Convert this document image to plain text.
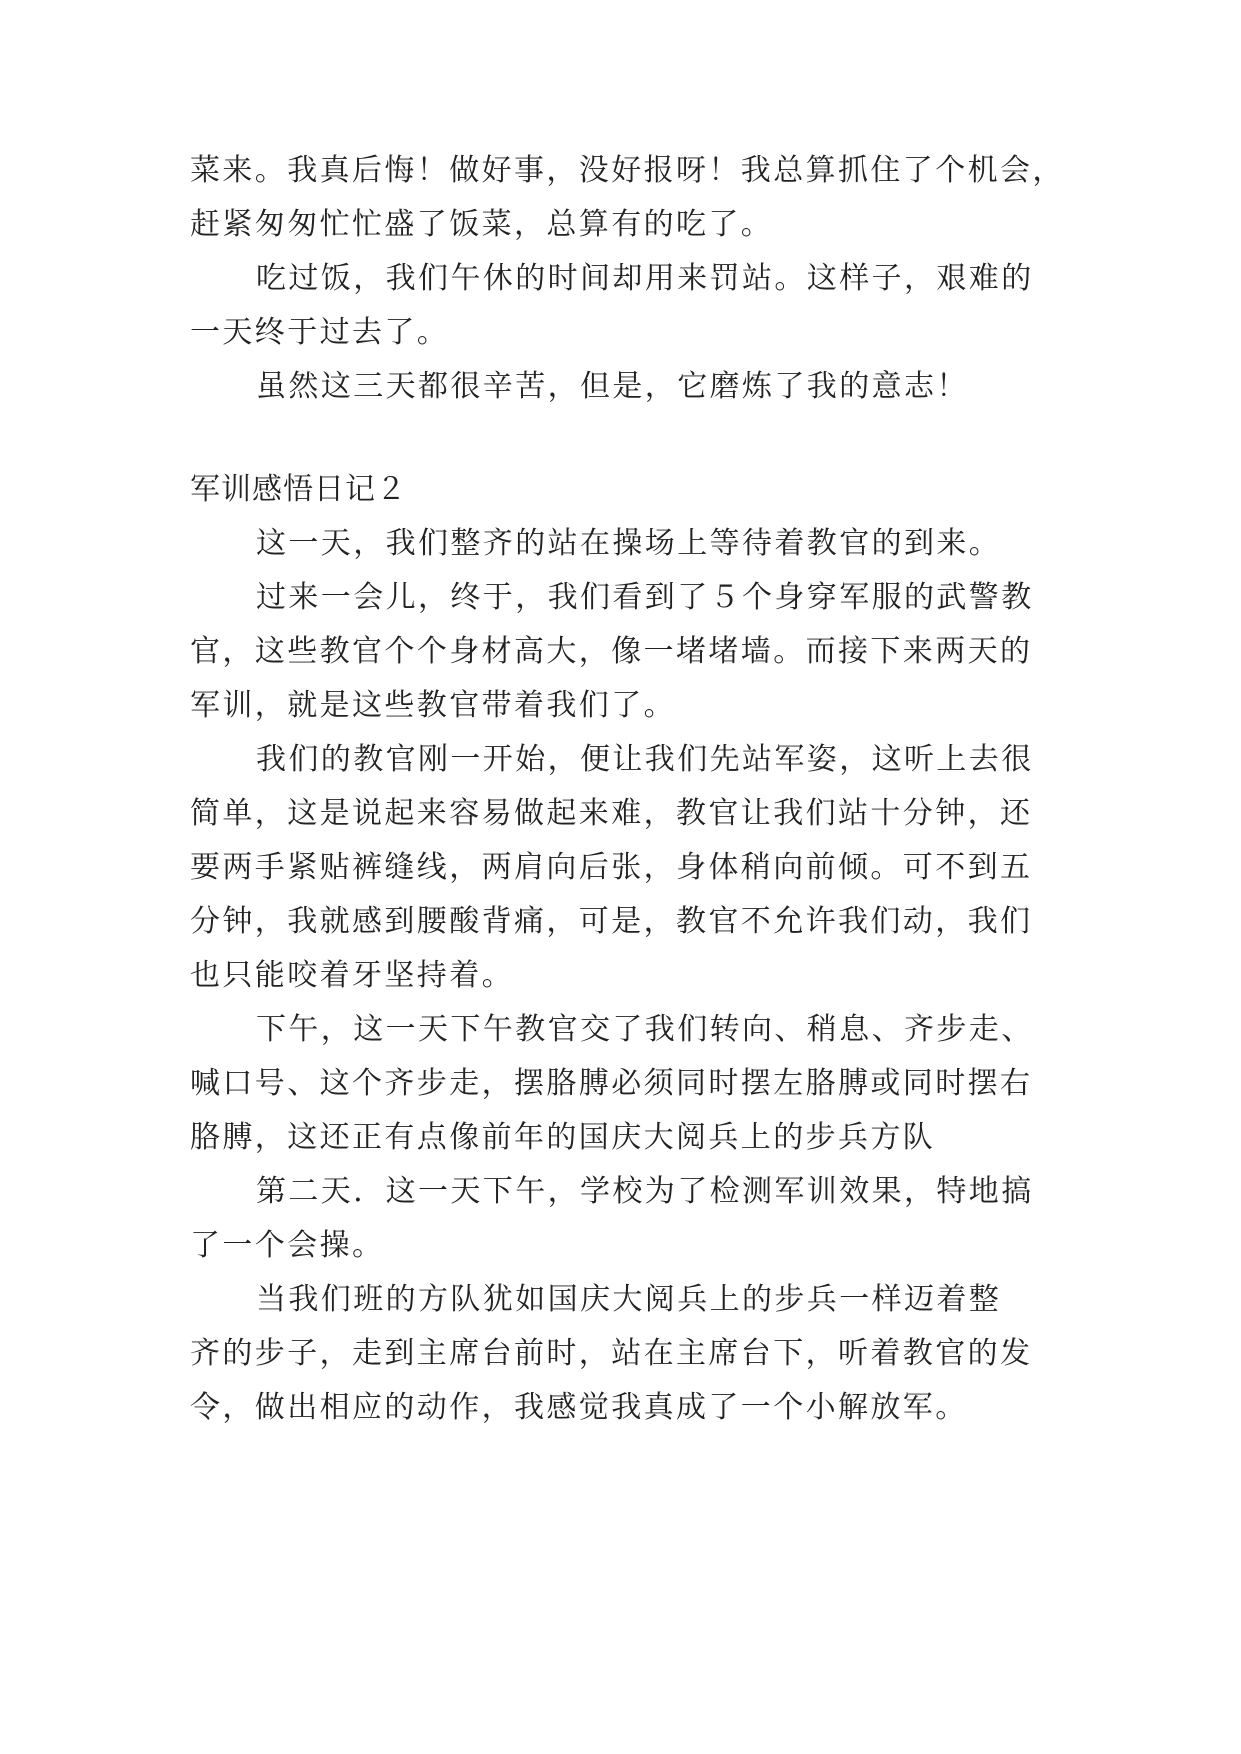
菜来。我真后悔！做好事，没好报呀！我总算抓住了个机会，
赶紧匆匆忙忙盛了饭菜，总算有的吃了。
吃过饭，我们午休的时间却用来罚站。这样子，艰难的
一天终于过去了。
虽然这三天都很辛苦，但是，它磨炼了我的意志！
军训感悟日记２
这一天，我们整齐的站在操场上等待着教官的到来。
过来一会儿，终于，我们看到了５个身穿军服的武警教
官，这些教官个个身材高大，像一堵堵墙。而接下来两天的
军训，就是这些教官带着我们了。
我们的教官刚一开始，便让我们先站军姿，这听上去很
简单，这是说起来容易做起来难，教官让我们站十分钟，还
要两手紧贴裤缝线，两肩向后张，身体稍向前倾。可不到五
分钟，我就感到腰酸背痛，可是，教官不允许我们动，我们
也只能咬着牙坚持着。
下午，这一天下午教官交了我们转向、稍息、齐步走、
喊口号、这个齐步走，摆胳膊必须同时摆左胳膊或同时摆右
胳膊，这还正有点像前年的国庆大阅兵上的步兵方队
第二天．这一天下午，学校为了检测军训效果，特地搞
了一个会操。
当我们班的方队犹如国庆大阅兵上的步兵一样迈着整
齐的步子，走到主席台前时，站在主席台下，听着教官的发
令，做出相应的动作，我感觉我真成了一个小解放军。
